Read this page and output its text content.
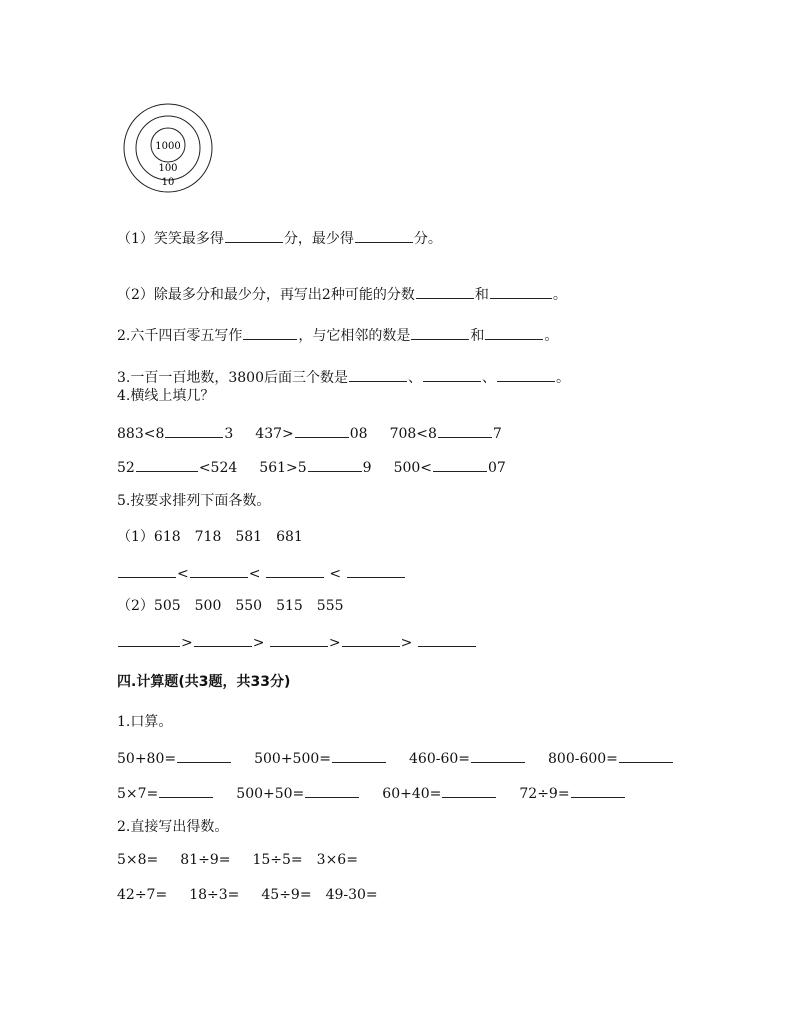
1000
100
10
（1）笑笑最多得	分，最少得	分。
（2）除最多分和最少分，再写出2种可能的分数	和	。
2.六千四百零五写作	，与它相邻的数是	和	。
3.一百一百地数，3800后面三个数是	、	、	。
4.横线上填几？
883<8	3 437>	08 708<8	7
52	<524 561>5	9 500<	07
5.按要求排列下面各数。
（1）618　718　581　681
<	<	<
（2）505　500　550　515　555
>	>	>	>
四.计算题(共3题，共33分)
1.口算。
50+80=	500+500=	460-60=	800-600=
5×7=	500+50=	60+40=	72÷9=
2.直接写出得数。
5×8= 81÷9= 15÷5= 3×6=
42÷7= 18÷3= 45÷9= 49-30=
